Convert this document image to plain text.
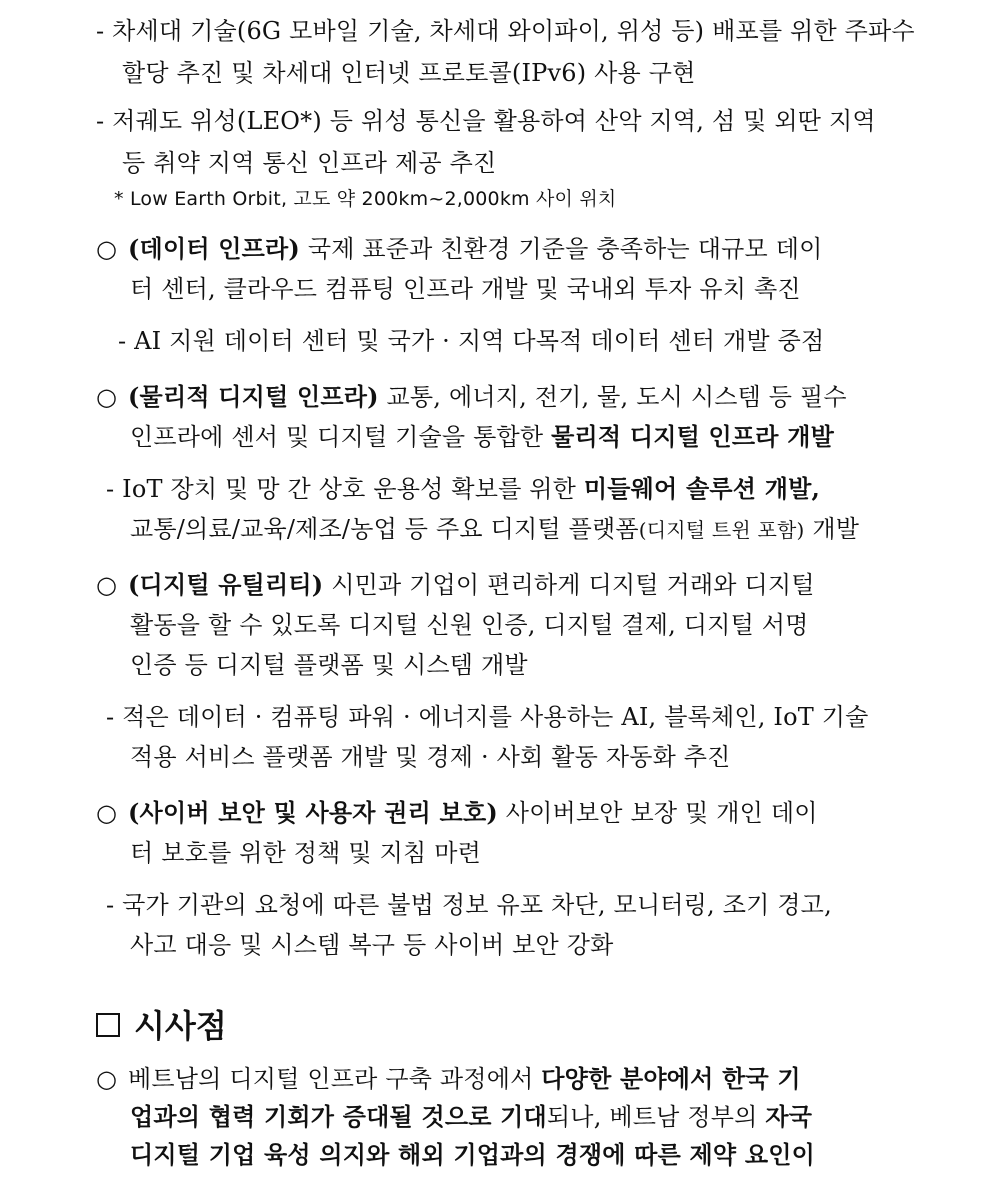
- 차세대 기술(6G 모바일 기술, 차세대 와이파이, 위성 등) 배포를 위한 주파수
할당 추진 및 차세대 인터넷 프로토콜(IPv6) 사용 구현
- 저궤도 위성(LEO*) 등 위성 통신을 활용하여 산악 지역, 섬 및 외딴 지역
등 취약 지역 통신 인프라 제공 추진
* Low Earth Orbit, 고도 약 200km~2,000km 사이 위치
○ (데이터 인프라) 국제 표준과 친환경 기준을 충족하는 대규모 데이
터 센터, 클라우드 컴퓨팅 인프라 개발 및 국내외 투자 유치 촉진
- AI 지원 데이터 센터 및 국가 · 지역 다목적 데이터 센터 개발 중점
○ (물리적 디지털 인프라) 교통, 에너지, 전기, 물, 도시 시스템 등 필수
인프라에 센서 및 디지털 기술을 통합한 물리적 디지털 인프라 개발
- IoT 장치 및 망 간 상호 운용성 확보를 위한 미들웨어 솔루션 개발,
교통/의료/교육/제조/농업 등 주요 디지털 플랫폼(디지털 트윈 포함) 개발
○ (디지털 유틸리티) 시민과 기업이 편리하게 디지털 거래와 디지털
활동을 할 수 있도록 디지털 신원 인증, 디지털 결제, 디지털 서명
인증 등 디지털 플랫폼 및 시스템 개발
- 적은 데이터 · 컴퓨팅 파워 · 에너지를 사용하는 AI, 블록체인, IoT 기술
적용 서비스 플랫폼 개발 및 경제 · 사회 활동 자동화 추진
○ (사이버 보안 및 사용자 권리 보호) 사이버보안 보장 및 개인 데이
터 보호를 위한 정책 및 지침 마련
- 국가 기관의 요청에 따른 불법 정보 유포 차단, 모니터링, 조기 경고,
사고 대응 및 시스템 복구 등 사이버 보안 강화
시사점
○ 베트남의 디지털 인프라 구축 과정에서 다양한 분야에서 한국 기
업과의 협력 기회가 증대될 것으로 기대되나, 베트남 정부의 자국
디지털 기업 육성 의지와 해외 기업과의 경쟁에 따른 제약 요인이
